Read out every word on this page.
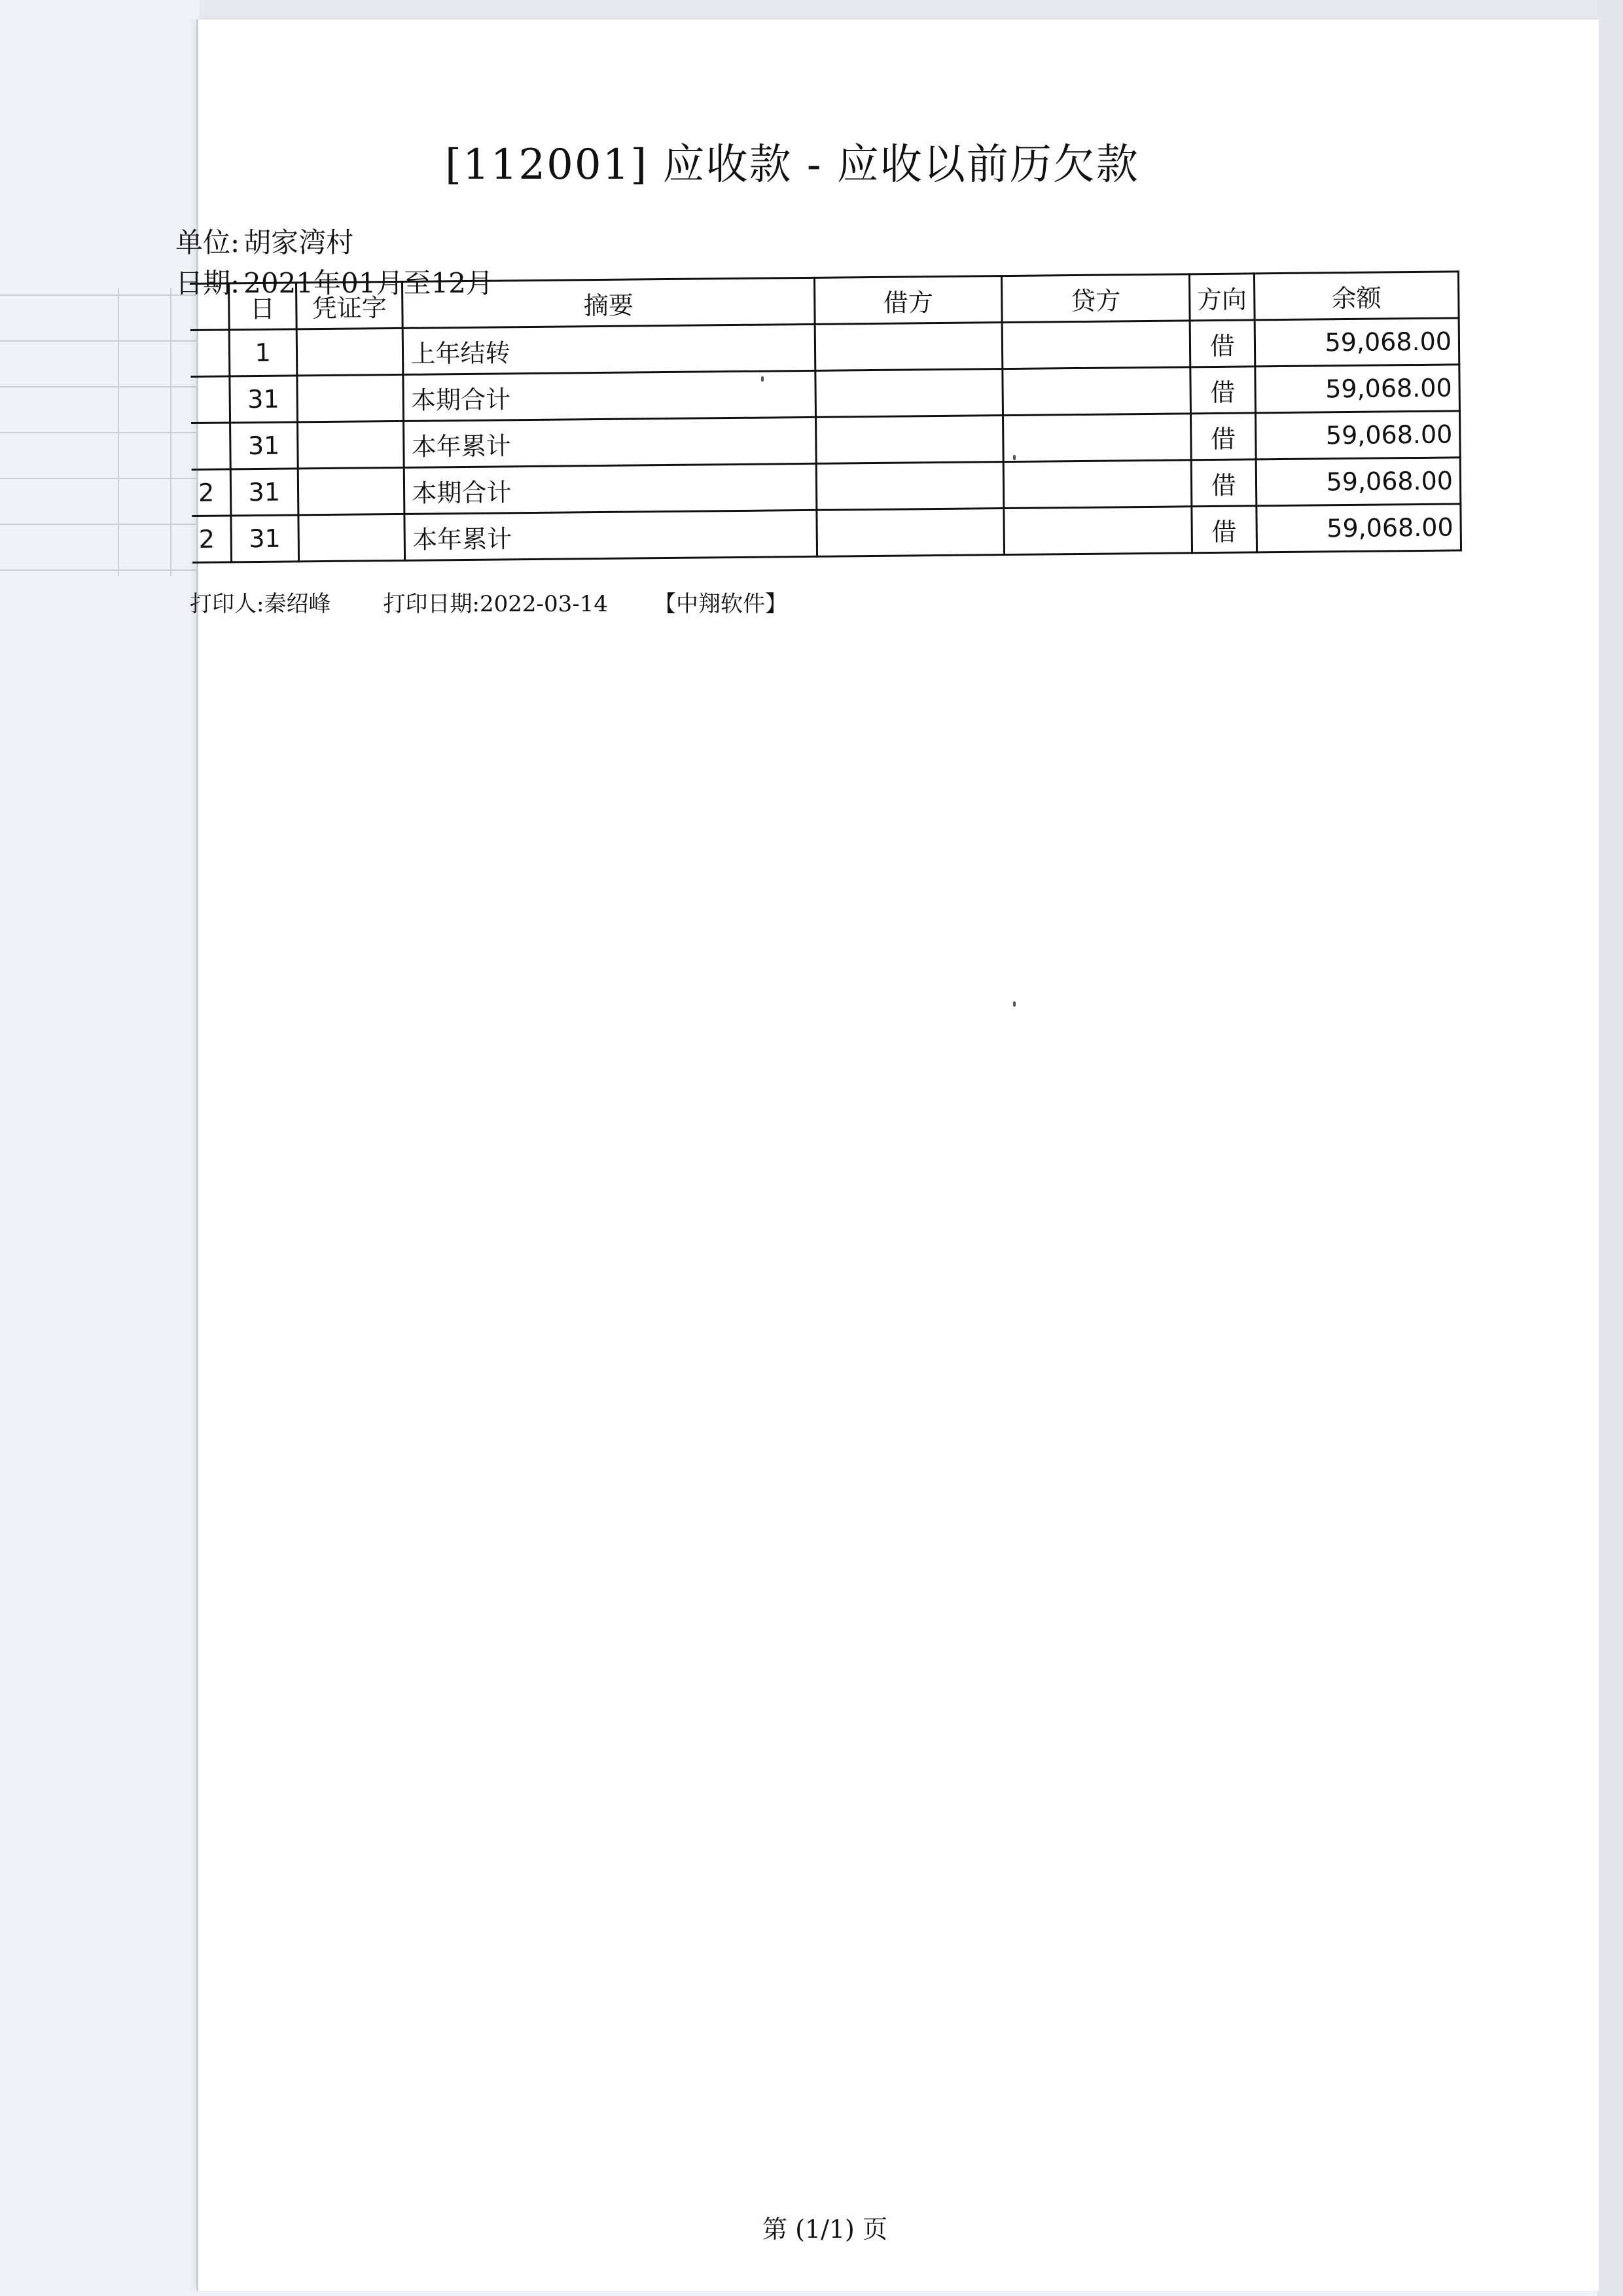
[112001] 应收款 - 应收以前历欠款
单位: 胡家湾村
日期: 2021年01月至12月
	日	凭证字	摘要	借方	贷方	方向	余额
	1		上年结转			借	59,068.00
	31		本期合计			借	59,068.00
	31		本年累计			借	59,068.00
2	31		本期合计			借	59,068.00
2	31		本年累计			借	59,068.00
打印人:秦绍峰 打印日期:2022-03-14 【中翔软件】
第 (1/1) 页
